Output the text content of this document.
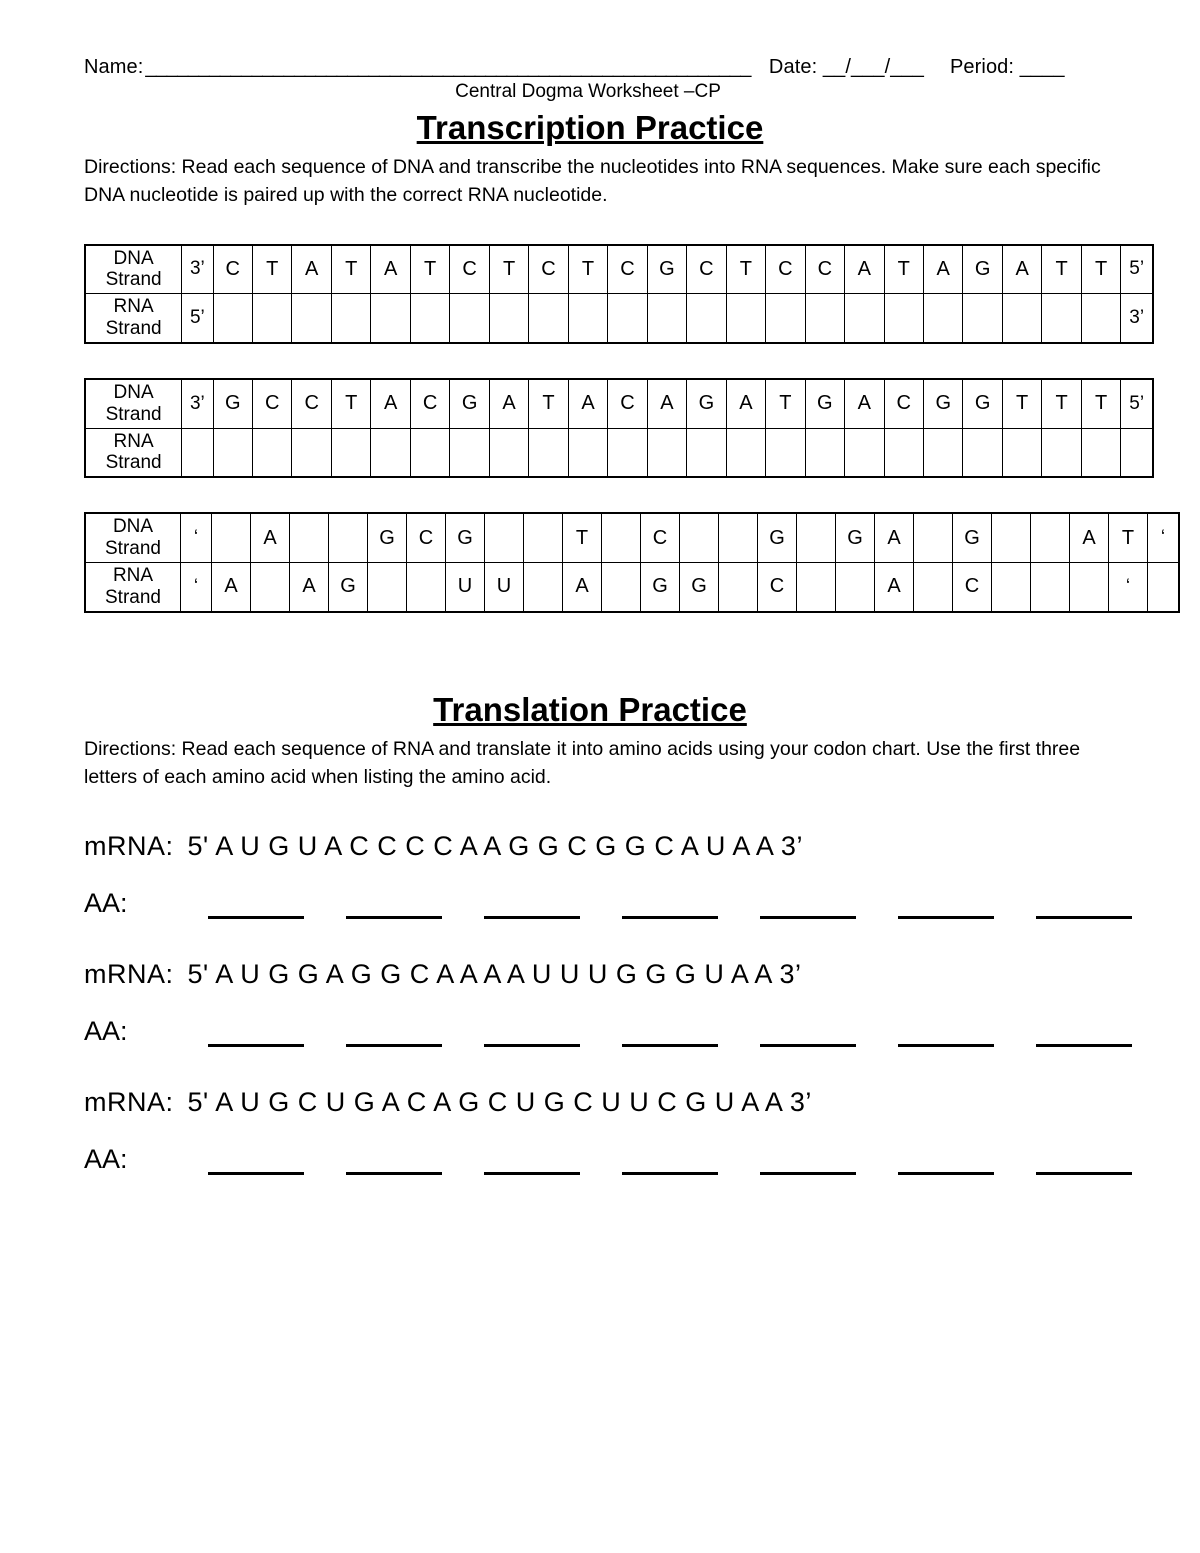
Name: _________________________________________________________ Date: __/___/___ Period: ____
Central Dogma Worksheet –CP
Transcription Practice

Directions: Read each sequence of DNA and transcribe the nucleotides into RNA sequences. Make sure each specific DNA nucleotide is paired up with the correct RNA nucleotide.

DNA Strand	3’	C	T	A	T	A	T	C	T	C	T	C	G	C	T	C	C	A	T	A	G	A	T	T	5’
RNA Strand	5’																								3’
DNA Strand	3’	G	C	C	T	A	C	G	A	T	A	C	A	G	A	T	G	A	C	G	G	T	T	T	5’
RNA Strand																									
DNA Strand	‘		A			G	C	G			T		C			G		G	A		G			A	T	‘
RNA Strand	‘	A		A	G			U	U		A		G	G		C			A		C				‘	
Translation Practice

Directions: Read each sequence of RNA and translate it into amino acids using your codon chart. Use the first three letters of each amino acid when listing the amino acid.

mRNA: 5' A U G U A C C C C A A G G C G G C A U A A 3’
AA:
mRNA: 5' A U G G A G G C A A A A U U U G G G U A A 3’
AA:
mRNA: 5' A U G C U G A C A G C U G C U U C G U A A 3’
AA:
